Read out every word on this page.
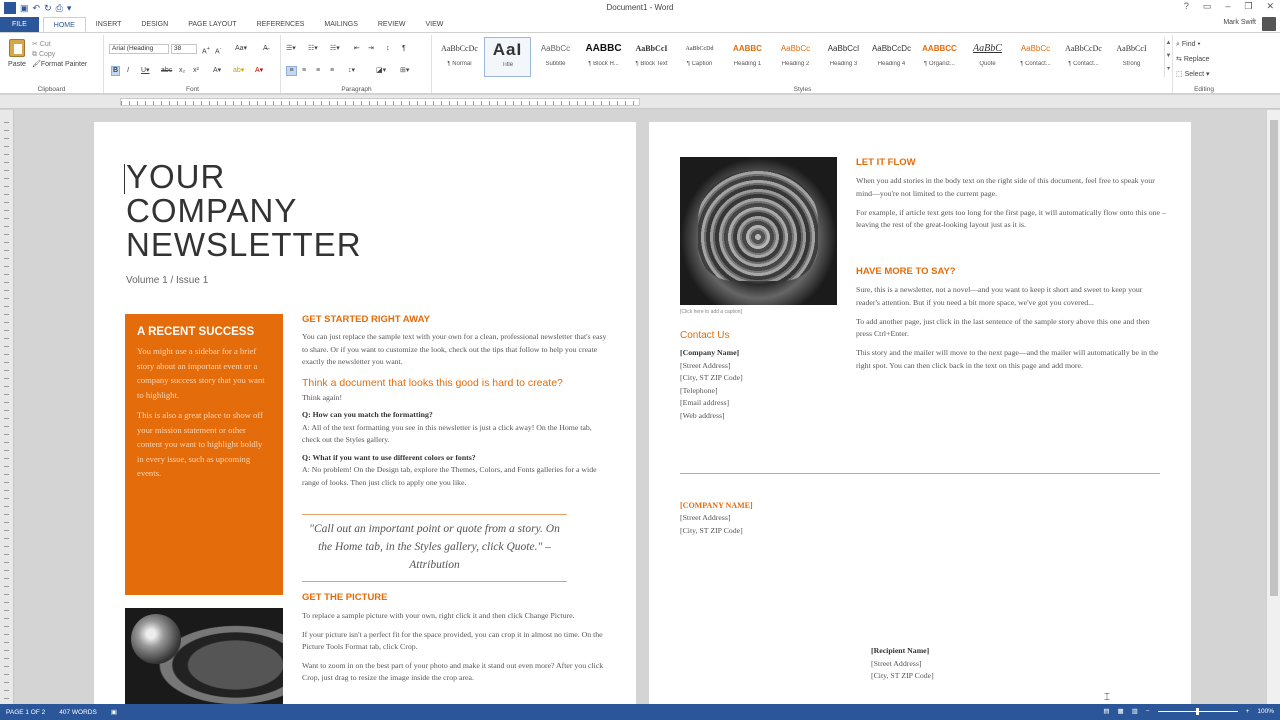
W ▣ ↶ ↻ ⎙ ▾	Document1 - Word	? ▭ – ❐ ✕
FILE	HOME	INSERT	DESIGN	PAGE LAYOUT	REFERENCES	MAILINGS	REVIEW	VIEW	Mark Swift
Paste
✂ Cut
⧉ Copy
🖌Format Painter
Clipboard
Arial (Heading	38	A+ A- Aa▾ A̶
B I U▾ abc x₂ x² A▾ ab▾ A▾
Font
☰▾ ☷▾ ☵▾ ⇤ ⇥ ↕ ¶
≡	≡ ≡ ≡ ↕▾	◪▾ ⊞▾
Paragraph	Styles
AaBbCcDc
¶ Normal
AaI
Title
AaBbCc
Subtitle
AABBC
¶ Block H...
AaBbCcI
¶ Block Text
AaBbCcDd
¶ Caption
AABBC
Heading 1
AaBbCc
Heading 2
AaBbCcI
Heading 3
AaBbCcDc
Heading 4
AABBCC
¶ Organiz...
AaBbC
Quote
AaBbCc
¶ Contact...
AaBbCcDc
¶ Contact...
AaBbCcI
Strong
▲
▼
▾
Editing
⌕ Find ▾
⇆ Replace
⬚ Select ▾
YOUR
COMPANY
NEWSLETTER
Volume 1 / Issue 1
A RECENT SUCCESS

You might use a sidebar for a brief story about an important event or a company success story that you want to highlight.

This is also a great place to show off your mission statement or other content you want to highlight boldly in every issue, such as upcoming events.

GET STARTED RIGHT AWAY

You can just replace the sample text with your own for a clean, professional newsletter that's easy to share. Or if you want to customize the look, check out the tips that follow to help you create exactly the newsletter you want.

Think a document that looks this good is hard to create?

Think again!

Q: How can you match the formatting?

A: All of the text formatting you see in this newsletter is just a click away! On the Home tab, check out the Styles gallery.

Q: What if you want to use different colors or fonts?

A: No problem! On the Design tab, explore the Themes, Colors, and Fonts galleries for a wide range of looks. Then just click to apply one you like.

"Call out an important point or quote from a story. On the Home tab, in the Styles gallery, click Quote." – Attribution
GET THE PICTURE

To replace a sample picture with your own, right click it and then click Change Picture.

If your picture isn't a perfect fit for the space provided, you can crop it in almost no time. On the Picture Tools Format tab, click Crop.

Want to zoom in on the best part of your photo and make it stand out even more? After you click Crop, just drag to resize the image inside the crop area.

[Click here to add a caption]
Contact Us
[Company Name]
[Street Address]
[City, ST ZIP Code]
[Telephone]
[Email address]
[Web address]
LET IT FLOW

When you add stories in the body text on the right side of this document, feel free to speak your mind—you're not limited to the current page.

For example, if article text gets too long for the first page, it will automatically flow onto this one – leaving the rest of the great-looking layout just as it is.

HAVE MORE TO SAY?

Sure, this is a newsletter, not a novel—and you want to keep it short and sweet to keep your reader's attention. But if you need a bit more space, we've got you covered...

To add another page, just click in the last sentence of the sample story above this one and then press Ctrl+Enter.

This story and the mailer will move to the next page—and the mailer will automatically be in the right spot. You can then click back in the text on this page and add more.

[COMPANY NAME]
[Street Address]
[City, ST ZIP Code]
[Recipient Name]
[Street Address]
[City, ST ZIP Code]
⌶
PAGE 1 OF 2 407 WORDS ▣	▤ ▦ ▥ −	+ 100%
